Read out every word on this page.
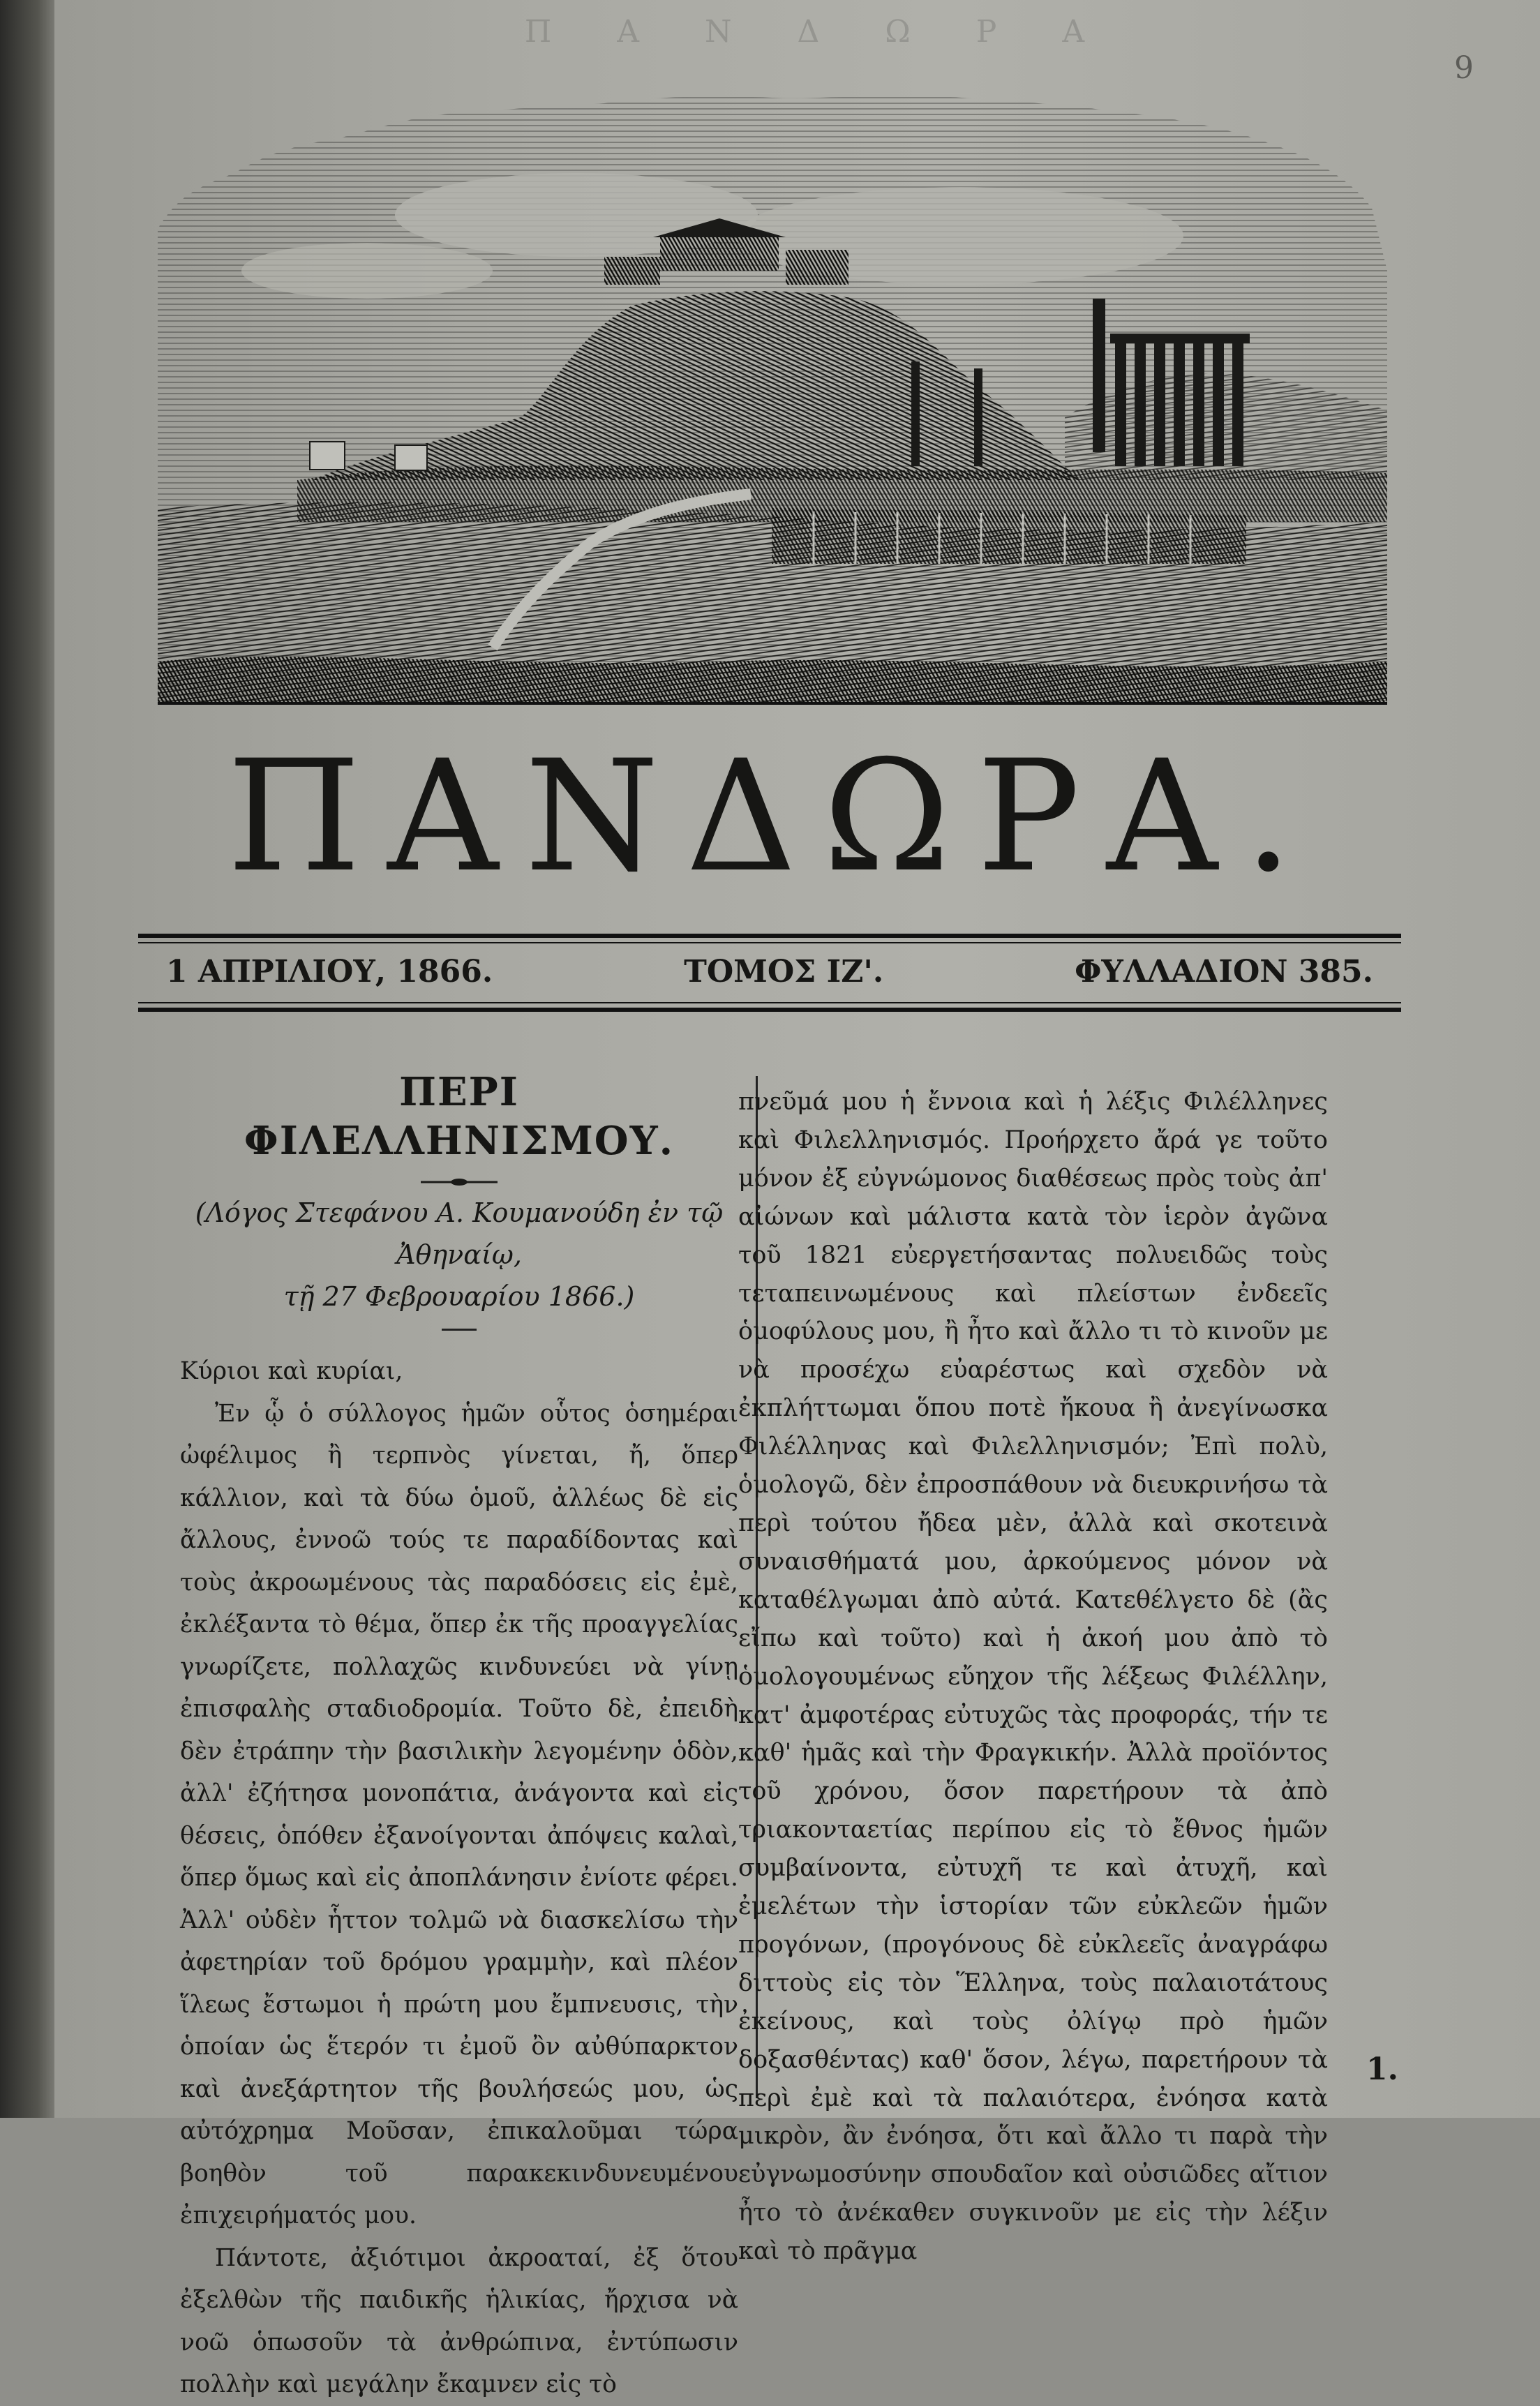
Π Α Ν Δ Ω Ρ Α
9
ΠΑΝΔΩΡΑ.
1 ΑΠΡΙΛΙΟΥ, 1866.	ΤΟΜΟΣ ΙΖ'.	ΦΥΛΛΑΔΙΟΝ 385.
ΠΕΡΙ ΦΙΛΕΛΛΗΝΙΣΜΟΥ.

(Λόγος Στεφάνου Α. Κουμανούδη ἐν τῷ Ἀθηναίῳ,

τῇ 27 Φεβρουαρίου 1866.)

Κύριοι καὶ κυρίαι,

Ἐν ᾧ ὁ σύλλογος ἡμῶν οὗτος ὁσημέραι ὠφέλιμος ἢ τερπνὸς γίνεται, ἤ, ὅπερ κάλλιον, καὶ τὰ δύω ὁμοῦ, ἀλλέως δὲ εἰς ἄλλους, ἐννοῶ τούς τε παραδίδοντας καὶ τοὺς ἀκροωμένους τὰς παραδόσεις εἰς ἐμὲ, ἐκλέξαντα τὸ θέμα, ὅπερ ἐκ τῆς προαγγελίας γνωρίζετε, πολλαχῶς κινδυνεύει νὰ γίνῃ ἐπισφαλὴς σταδιοδρομία. Τοῦτο δὲ, ἐπειδὴ δὲν ἐτράπην τὴν βασιλικὴν λεγομένην ὁδὸν, ἀλλ' ἐζήτησα μονοπάτια, ἀνάγοντα καὶ εἰς θέσεις, ὁπόθεν ἐξανοίγονται ἀπόψεις καλαὶ, ὅπερ ὅμως καὶ εἰς ἀποπλάνησιν ἐνίοτε φέρει. Ἀλλ' οὐδὲν ἧττον τολμῶ νὰ διασκελίσω τὴν ἀφετηρίαν τοῦ δρόμου γραμμὴν, καὶ πλέον ἵλεως ἔστωμοι ἡ πρώτη μου ἔμπνευσις, τὴν ὁποίαν ὡς ἕτερόν τι ἐμοῦ ὂν αὐθύπαρκτον καὶ ἀνεξάρτητον τῆς βουλήσεώς μου, ὡς αὐτόχρημα Μοῦσαν, ἐπικαλοῦμαι τώρα βοηθὸν τοῦ παρακεκινδυνευμένου ἐπιχειρήματός μου.

Πάντοτε, ἀξιότιμοι ἀκροαταί, ἐξ ὅτου ἐξελθὼν τῆς παιδικῆς ἡλικίας, ἤρχισα νὰ νοῶ ὁπωσοῦν τὰ ἀνθρώπινα, ἐντύπωσιν πολλὴν καὶ μεγάλην ἔκαμνεν εἰς τὸ

πνεῦμά μου ἡ ἔννοια καὶ ἡ λέξις Φιλέλληνες καὶ Φιλελληνισμός. Προήρχετο ἄρά γε τοῦτο μόνον ἐξ εὐγνώμονος διαθέσεως πρὸς τοὺς ἀπ' αἰώνων καὶ μάλιστα κατὰ τὸν ἱερὸν ἀγῶνα τοῦ 1821 εὐεργετήσαντας πολυειδῶς τοὺς τεταπεινωμένους καὶ πλείστων ἐνδεεῖς ὁμοφύλους μου, ἢ ἦτο καὶ ἄλλο τι τὸ κινοῦν με νὰ προσέχω εὐαρέστως καὶ σχεδὸν νὰ ἐκπλήττωμαι ὅπου ποτὲ ἤκουα ἢ ἀνεγίνωσκα Φιλέλληνας καὶ Φιλελληνισμόν; Ἐπὶ πολὺ, ὁμολογῶ, δὲν ἐπροσπάθουν νὰ διευκρινήσω τὰ περὶ τούτου ἤδεα μὲν, ἀλλὰ καὶ σκοτεινὰ συναισθήματά μου, ἀρκούμενος μόνον νὰ καταθέλγωμαι ἀπὸ αὐτά. Κατεθέλγετο δὲ (ἂς εἴπω καὶ τοῦτο) καὶ ἡ ἀκοή μου ἀπὸ τὸ ὁμολογουμένως εὔηχον τῆς λέξεως Φιλέλλην, κατ' ἀμφοτέρας εὐτυχῶς τὰς προφοράς, τήν τε καθ' ἡμᾶς καὶ τὴν Φραγκικήν. Ἀλλὰ προϊόντος τοῦ χρόνου, ὅσον παρετήρουν τὰ ἀπὸ τριακονταετίας περίπου εἰς τὸ ἔθνος ἡμῶν συμβαίνοντα, εὐτυχῆ τε καὶ ἀτυχῆ, καὶ ἐμελέτων τὴν ἱστορίαν τῶν εὐκλεῶν ἡμῶν προγόνων, (προγόνους δὲ εὐκλεεῖς ἀναγράφω διττοὺς εἰς τὸν Ἕλληνα, τοὺς παλαιοτάτους ἐκείνους, καὶ τοὺς ὀλίγῳ πρὸ ἡμῶν δοξασθέντας) καθ' ὅσον, λέγω, παρετήρουν τὰ περὶ ἐμὲ καὶ τὰ παλαιότερα, ἐνόησα κατὰ μικρὸν, ἂν ἐνόησα, ὅτι καὶ ἄλλο τι παρὰ τὴν εὐγνωμοσύνην σπουδαῖον καὶ οὐσιῶδες αἴτιον ἦτο τὸ ἀνέκαθεν συγκινοῦν με εἰς τὴν λέξιν καὶ τὸ πρᾶγμα

1.
